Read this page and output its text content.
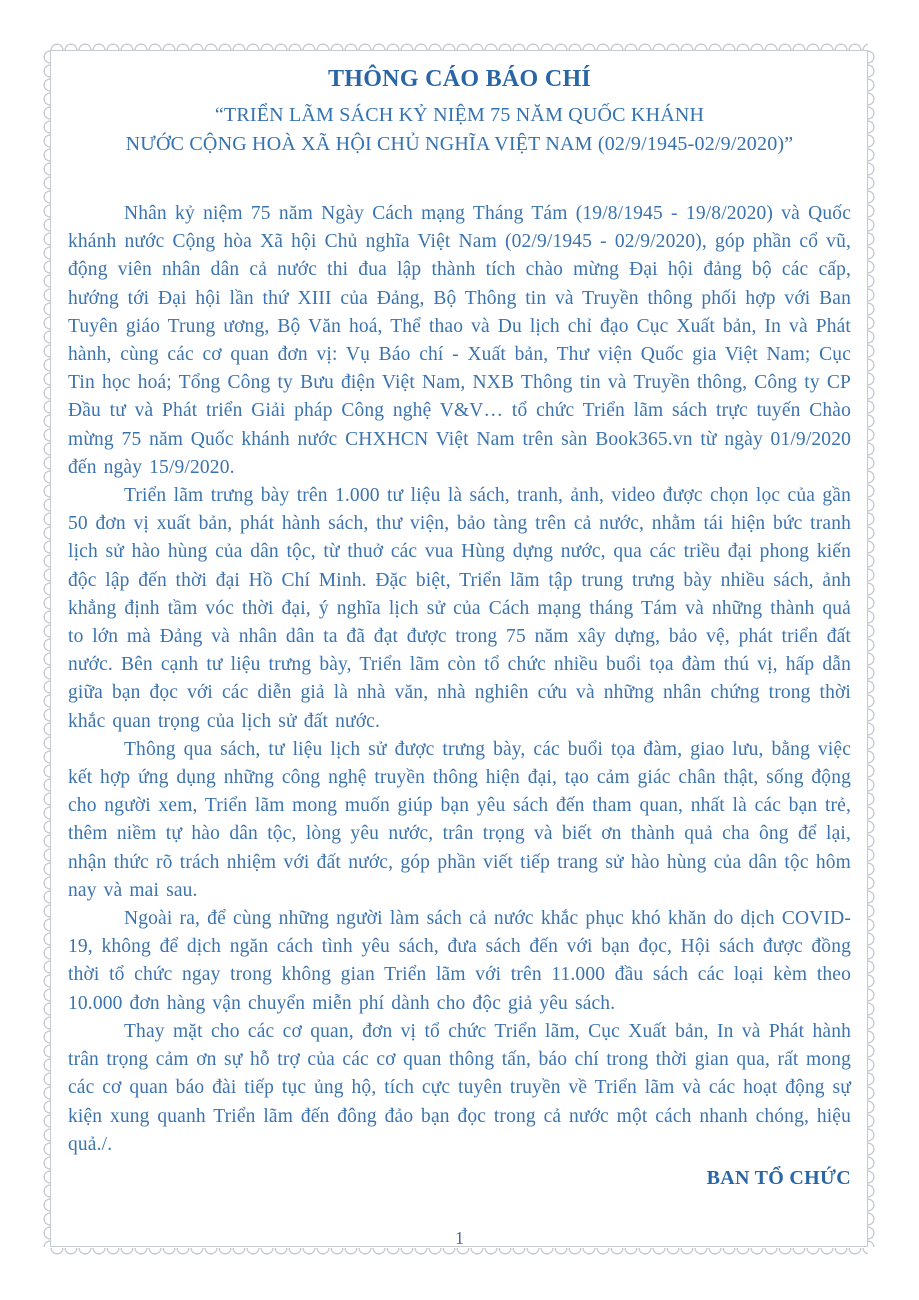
THÔNG CÁO BÁO CHÍ
“TRIỂN LÃM SÁCH KỶ NIỆM 75 NĂM QUỐC KHÁNH
NƯỚC CỘNG HOÀ XÃ HỘI CHỦ NGHĨA VIỆT NAM (02/9/1945-02/9/2020)”

Nhân kỷ niệm 75 năm Ngày Cách mạng Tháng Tám (19/8/1945 - 19/8/2020) và Quốc khánh nước Cộng hòa Xã hội Chủ nghĩa Việt Nam (02/9/1945 - 02/9/2020), góp phần cổ vũ, động viên nhân dân cả nước thi đua lập thành tích chào mừng Đại hội đảng bộ các cấp, hướng tới Đại hội lần thứ XIII của Đảng, Bộ Thông tin và Truyền thông phối hợp với Ban Tuyên giáo Trung ương, Bộ Văn hoá, Thể thao và Du lịch chỉ đạo Cục Xuất bản, In và Phát hành, cùng các cơ quan đơn vị: Vụ Báo chí - Xuất bản, Thư viện Quốc gia Việt Nam; Cục Tin học hoá; Tổng Công ty Bưu điện Việt Nam, NXB Thông tin và Truyền thông, Công ty CP Đầu tư và Phát triển Giải pháp Công nghệ V&V… tổ chức Triển lãm sách trực tuyến Chào mừng 75 năm Quốc khánh nước CHXHCN Việt Nam trên sàn Book365.vn từ ngày 01/9/2020 đến ngày 15/9/2020.

Triển lãm trưng bày trên 1.000 tư liệu là sách, tranh, ảnh, video được chọn lọc của gần 50 đơn vị xuất bản, phát hành sách, thư viện, bảo tàng trên cả nước, nhằm tái hiện bức tranh lịch sử hào hùng của dân tộc, từ thuở các vua Hùng dựng nước, qua các triều đại phong kiến độc lập đến thời đại Hồ Chí Minh. Đặc biệt, Triển lãm tập trung trưng bày nhiều sách, ảnh khẳng định tầm vóc thời đại, ý nghĩa lịch sử của Cách mạng tháng Tám và những thành quả to lớn mà Đảng và nhân dân ta đã đạt được trong 75 năm xây dựng, bảo vệ, phát triển đất nước. Bên cạnh tư liệu trưng bày, Triển lãm còn tổ chức nhiều buổi tọa đàm thú vị, hấp dẫn giữa bạn đọc với các diễn giả là nhà văn, nhà nghiên cứu và những nhân chứng trong thời khắc quan trọng của lịch sử đất nước.

Thông qua sách, tư liệu lịch sử được trưng bày, các buổi tọa đàm, giao lưu, bằng việc kết hợp ứng dụng những công nghệ truyền thông hiện đại, tạo cảm giác chân thật, sống động cho người xem, Triển lãm mong muốn giúp bạn yêu sách đến tham quan, nhất là các bạn trẻ, thêm niềm tự hào dân tộc, lòng yêu nước, trân trọng và biết ơn thành quả cha ông để lại, nhận thức rõ trách nhiệm với đất nước, góp phần viết tiếp trang sử hào hùng của dân tộc hôm nay và mai sau.

Ngoài ra, để cùng những người làm sách cả nước khắc phục khó khăn do dịch COVID-19, không để dịch ngăn cách tình yêu sách, đưa sách đến với bạn đọc, Hội sách được đồng thời tổ chức ngay trong không gian Triển lãm với trên 11.000 đầu sách các loại kèm theo 10.000 đơn hàng vận chuyển miễn phí dành cho độc giả yêu sách.

Thay mặt cho các cơ quan, đơn vị tổ chức Triển lãm, Cục Xuất bản, In và Phát hành trân trọng cảm ơn sự hỗ trợ của các cơ quan thông tấn, báo chí trong thời gian qua, rất mong các cơ quan báo đài tiếp tục ủng hộ, tích cực tuyên truyền về Triển lãm và các hoạt động sự kiện xung quanh Triển lãm đến đông đảo bạn đọc trong cả nước một cách nhanh chóng, hiệu quả./.

BAN TỔ CHỨC
1
